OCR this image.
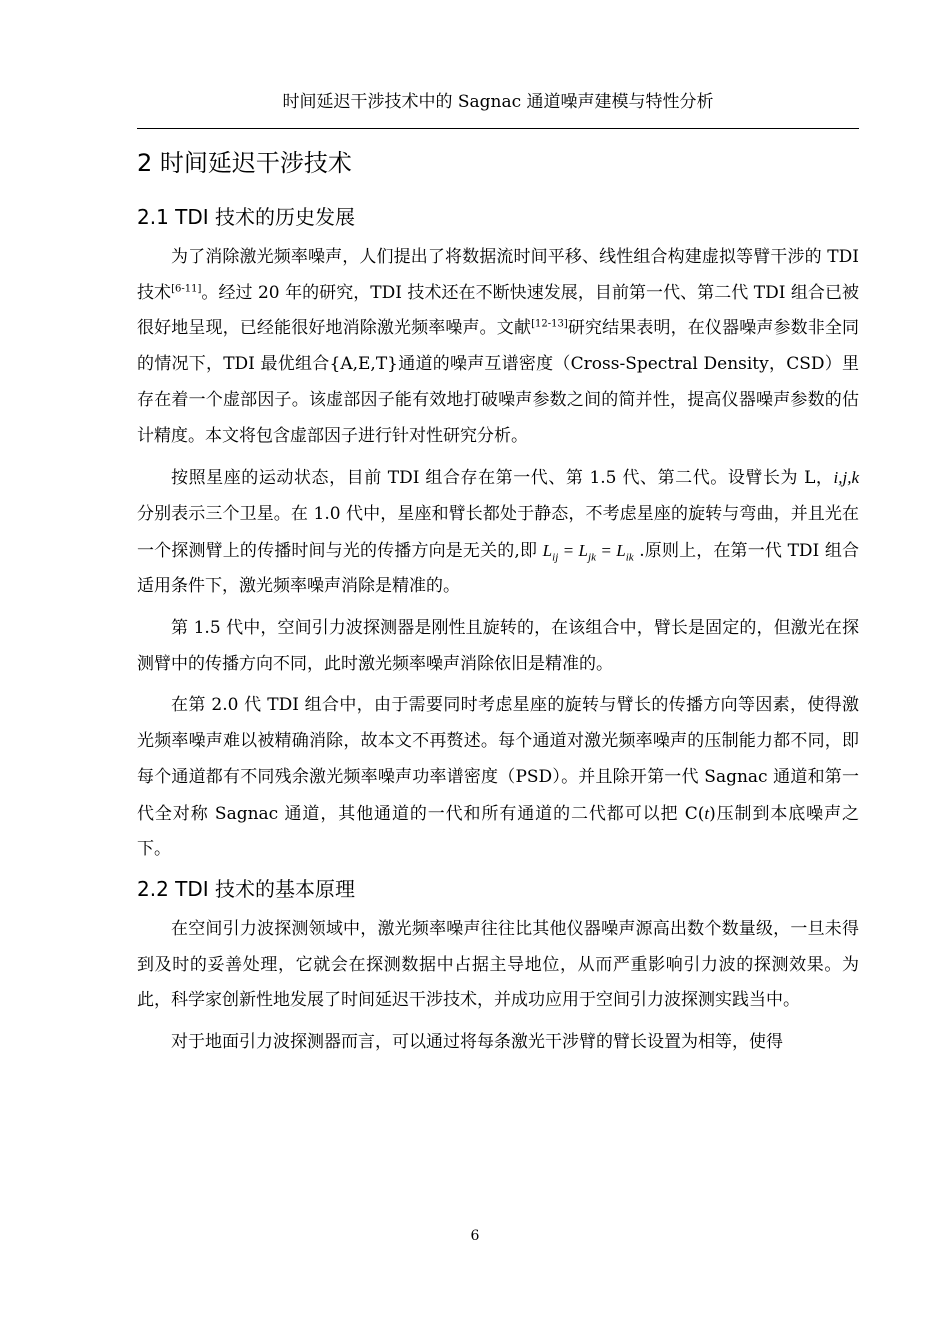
时间延迟干涉技术中的 Sagnac 通道噪声建模与特性分析
2 时间延迟干涉技术
2.1 TDI 技术的历史发展

为了消除激光频率噪声，人们提出了将数据流时间平移、线性组合构建虚拟等臂干涉的 TDI 技术[6-11]。经过 20 年的研究，TDI 技术还在不断快速发展，目前第一代、第二代 TDI 组合已被很好地呈现，已经能很好地消除激光频率噪声。文献[12-13]研究结果表明，在仪器噪声参数非全同的情况下，TDI 最优组合{A,E,T}通道的噪声互谱密度（Cross-Spectral Density，CSD）里存在着一个虚部因子。该虚部因子能有效地打破噪声参数之间的简并性，提高仪器噪声参数的估计精度。本文将包含虚部因子进行针对性研究分析。

按照星座的运动状态，目前 TDI 组合存在第一代、第 1.5 代、第二代。设臂长为 L，i,j,k 分别表示三个卫星。在 1.0 代中，星座和臂长都处于静态，不考虑星座的旋转与弯曲，并且光在一个探测臂上的传播时间与光的传播方向是无关的,即 $L_{ij} = L_{jk} = L_{ik}$ .原则上，在第一代 TDI 组合适用条件下，激光频率噪声消除是精准的。

第 1.5 代中，空间引力波探测器是刚性且旋转的，在该组合中，臂长是固定的，但激光在探测臂中的传播方向不同，此时激光频率噪声消除依旧是精准的。

在第 2.0 代 TDI 组合中，由于需要同时考虑星座的旋转与臂长的传播方向等因素，使得激光频率噪声难以被精确消除，故本文不再赘述。每个通道对激光频率噪声的压制能力都不同，即每个通道都有不同残余激光频率噪声功率谱密度（PSD）。并且除开第一代 Sagnac 通道和第一代全对称 Sagnac 通道，其他通道的一代和所有通道的二代都可以把 C(t)压制到本底噪声之下。

2.2 TDI 技术的基本原理

在空间引力波探测领域中，激光频率噪声往往比其他仪器噪声源高出数个数量级，一旦未得到及时的妥善处理，它就会在探测数据中占据主导地位，从而严重影响引力波的探测效果。为此，科学家创新性地发展了时间延迟干涉技术，并成功应用于空间引力波探测实践当中。

对于地面引力波探测器而言，可以通过将每条激光干涉臂的臂长设置为相等，使得

6
